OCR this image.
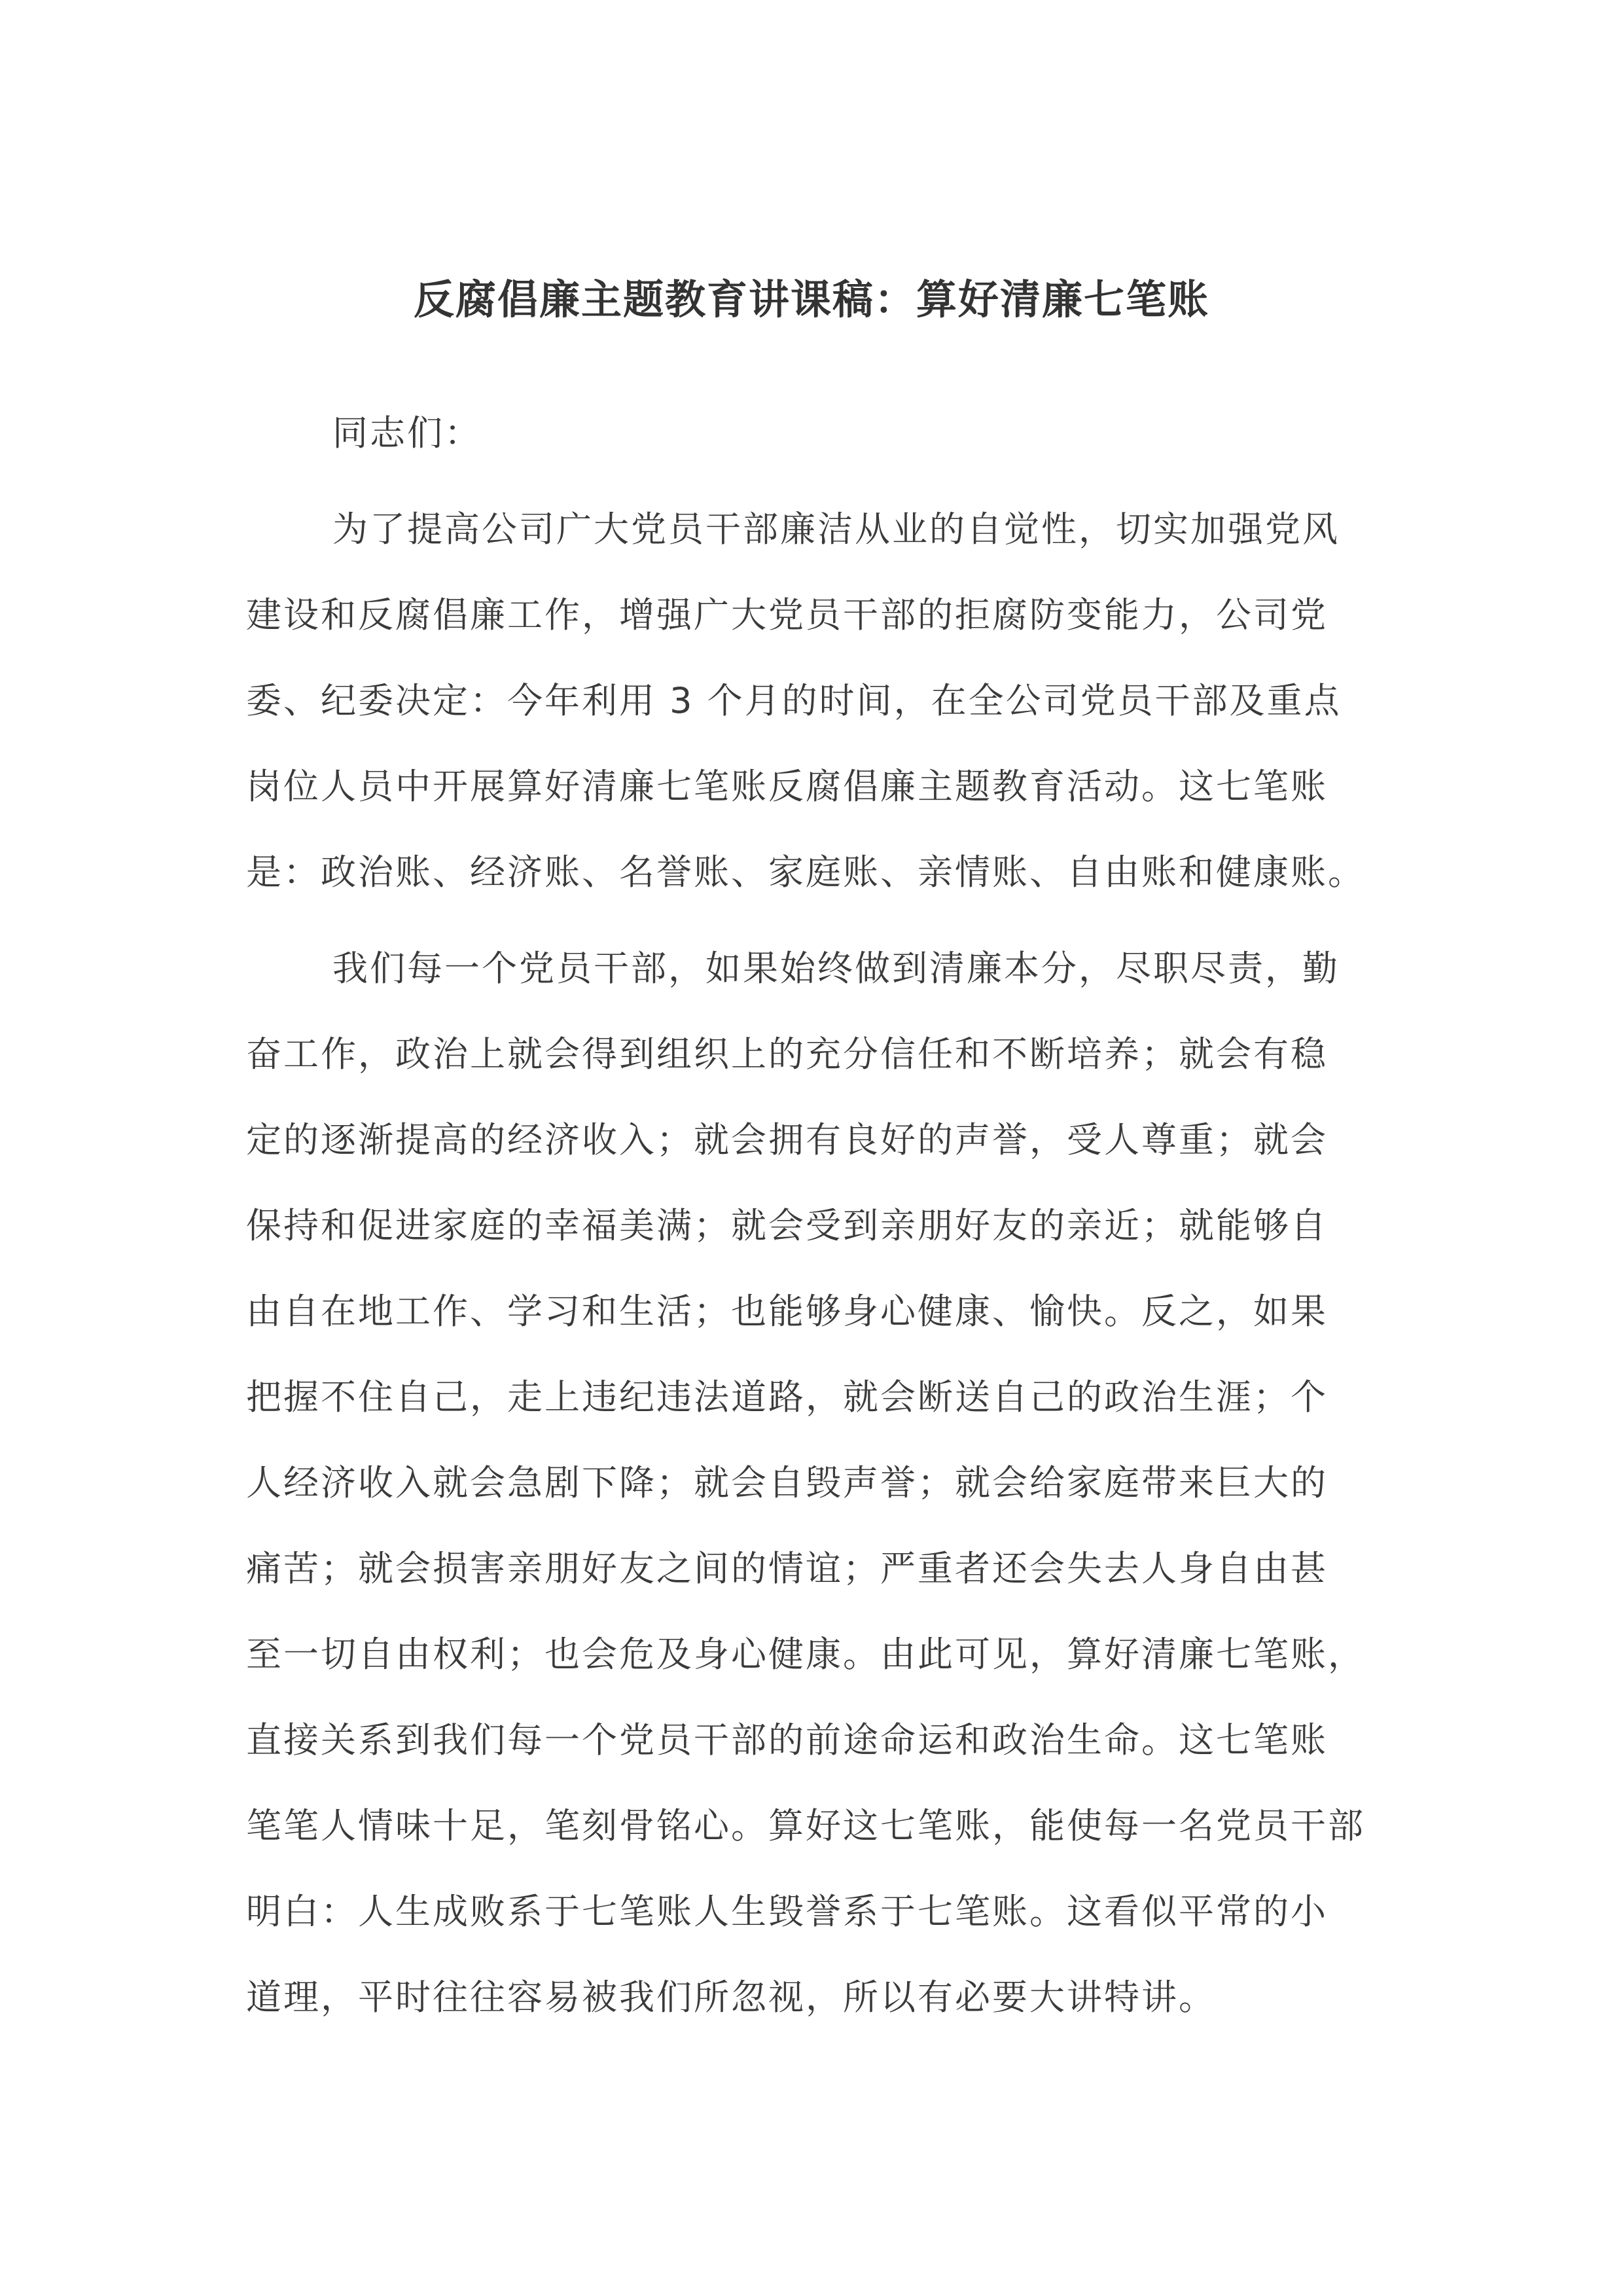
反腐倡廉主题教育讲课稿：算好清廉七笔账
同志们：
为了提高公司广大党员干部廉洁从业的自觉性，切实加强党风
建设和反腐倡廉工作，增强广大党员干部的拒腐防变能力，公司党
委、纪委决定：今年利用 3 个月的时间，在全公司党员干部及重点
岗位人员中开展算好清廉七笔账反腐倡廉主题教育活动。这七笔账
是：政治账、经济账、名誉账、家庭账、亲情账、自由账和健康账。
我们每一个党员干部，如果始终做到清廉本分，尽职尽责，勤
奋工作，政治上就会得到组织上的充分信任和不断培养；就会有稳
定的逐渐提高的经济收入；就会拥有良好的声誉，受人尊重；就会
保持和促进家庭的幸福美满；就会受到亲朋好友的亲近；就能够自
由自在地工作、学习和生活；也能够身心健康、愉快。反之，如果
把握不住自己，走上违纪违法道路，就会断送自己的政治生涯；个
人经济收入就会急剧下降；就会自毁声誉；就会给家庭带来巨大的
痛苦；就会损害亲朋好友之间的情谊；严重者还会失去人身自由甚
至一切自由权利；也会危及身心健康。由此可见，算好清廉七笔账，
直接关系到我们每一个党员干部的前途命运和政治生命。这七笔账
笔笔人情味十足，笔刻骨铭心。算好这七笔账，能使每一名党员干部
明白：人生成败系于七笔账人生毁誉系于七笔账。这看似平常的小
道理，平时往往容易被我们所忽视，所以有必要大讲特讲。
